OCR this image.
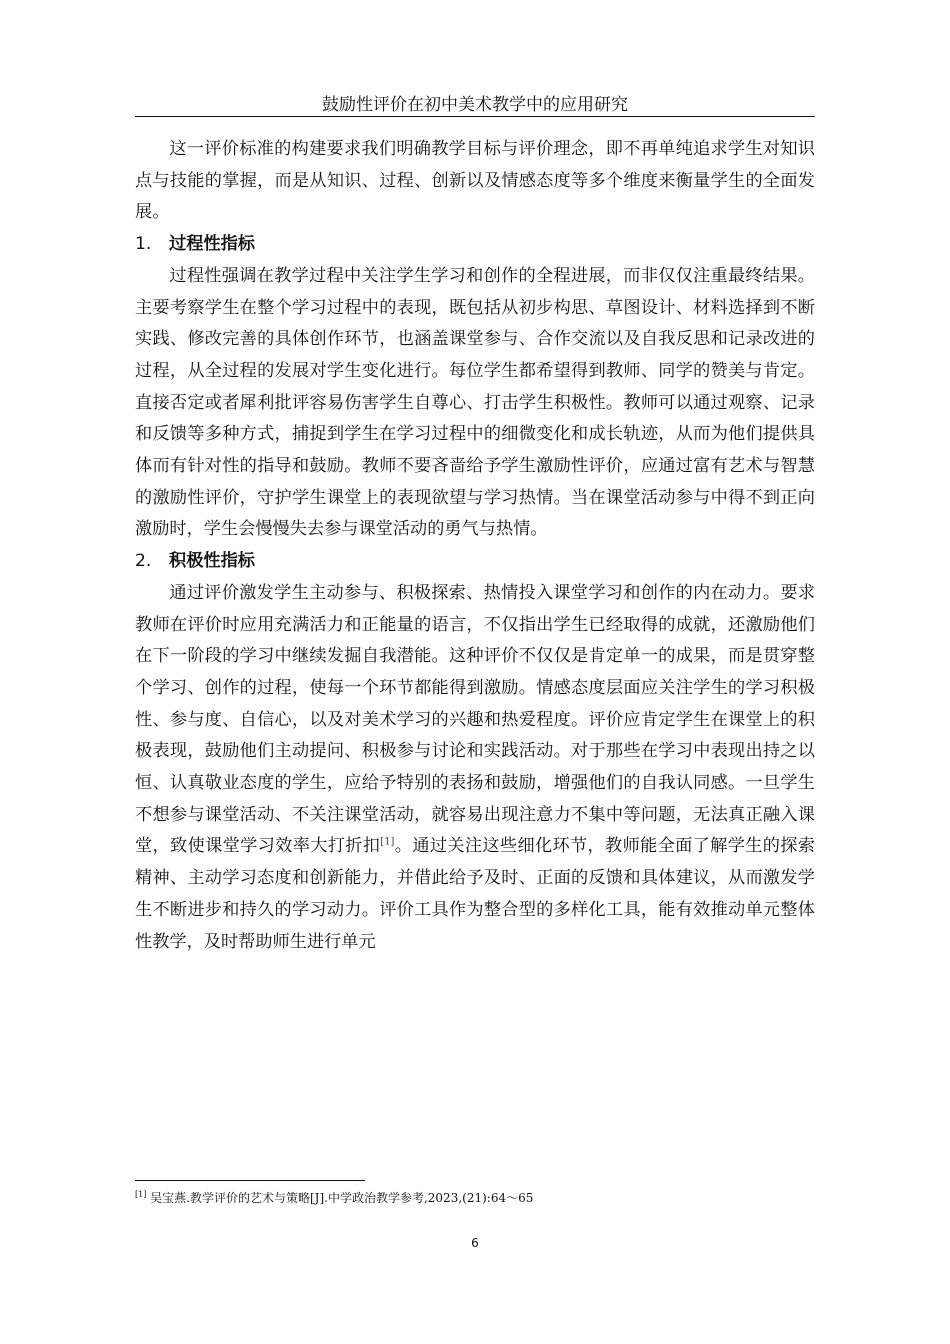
鼓励性评价在初中美术教学中的应用研究

这一评价标准的构建要求我们明确教学目标与评价理念，即不再单纯追求学生对知识点与技能的掌握，而是从知识、过程、创新以及情感态度等多个维度来衡量学生的全面发展。

1. 过程性指标

过程性强调在教学过程中关注学生学习和创作的全程进展，而非仅仅注重最终结果。主要考察学生在整个学习过程中的表现，既包括从初步构思、草图设计、材料选择到不断实践、修改完善的具体创作环节，也涵盖课堂参与、合作交流以及自我反思和记录改进的过程，从全过程的发展对学生变化进行。每位学生都希望得到教师、同学的赞美与肯定。直接否定或者犀利批评容易伤害学生自尊心、打击学生积极性。教师可以通过观察、记录和反馈等多种方式，捕捉到学生在学习过程中的细微变化和成长轨迹，从而为他们提供具体而有针对性的指导和鼓励。教师不要吝啬给予学生激励性评价，应通过富有艺术与智慧的激励性评价，守护学生课堂上的表现欲望与学习热情。当在课堂活动参与中得不到正向激励时，学生会慢慢失去参与课堂活动的勇气与热情。

2. 积极性指标

通过评价激发学生主动参与、积极探索、热情投入课堂学习和创作的内在动力。要求教师在评价时应用充满活力和正能量的语言，不仅指出学生已经取得的成就，还激励他们在下一阶段的学习中继续发掘自我潜能。这种评价不仅仅是肯定单一的成果，而是贯穿整个学习、创作的过程，使每一个环节都能得到激励。情感态度层面应关注学生的学习积极性、参与度、自信心，以及对美术学习的兴趣和热爱程度。评价应肯定学生在课堂上的积极表现，鼓励他们主动提问、积极参与讨论和实践活动。对于那些在学习中表现出持之以恒、认真敬业态度的学生，应给予特别的表扬和鼓励，增强他们的自我认同感。一旦学生不想参与课堂活动、不关注课堂活动，就容易出现注意力不集中等问题，无法真正融入课堂，致使课堂学习效率大打折扣[1]。通过关注这些细化环节，教师能全面了解学生的探索精神、主动学习态度和创新能力，并借此给予及时、正面的反馈和具体建议，从而激发学生不断进步和持久的学习动力。评价工具作为整合型的多样化工具，能有效推动单元整体性教学，及时帮助师生进行单元

[1] 吴宝燕.教学评价的艺术与策略[J].中学政治教学参考,2023,(21):64～65
6
